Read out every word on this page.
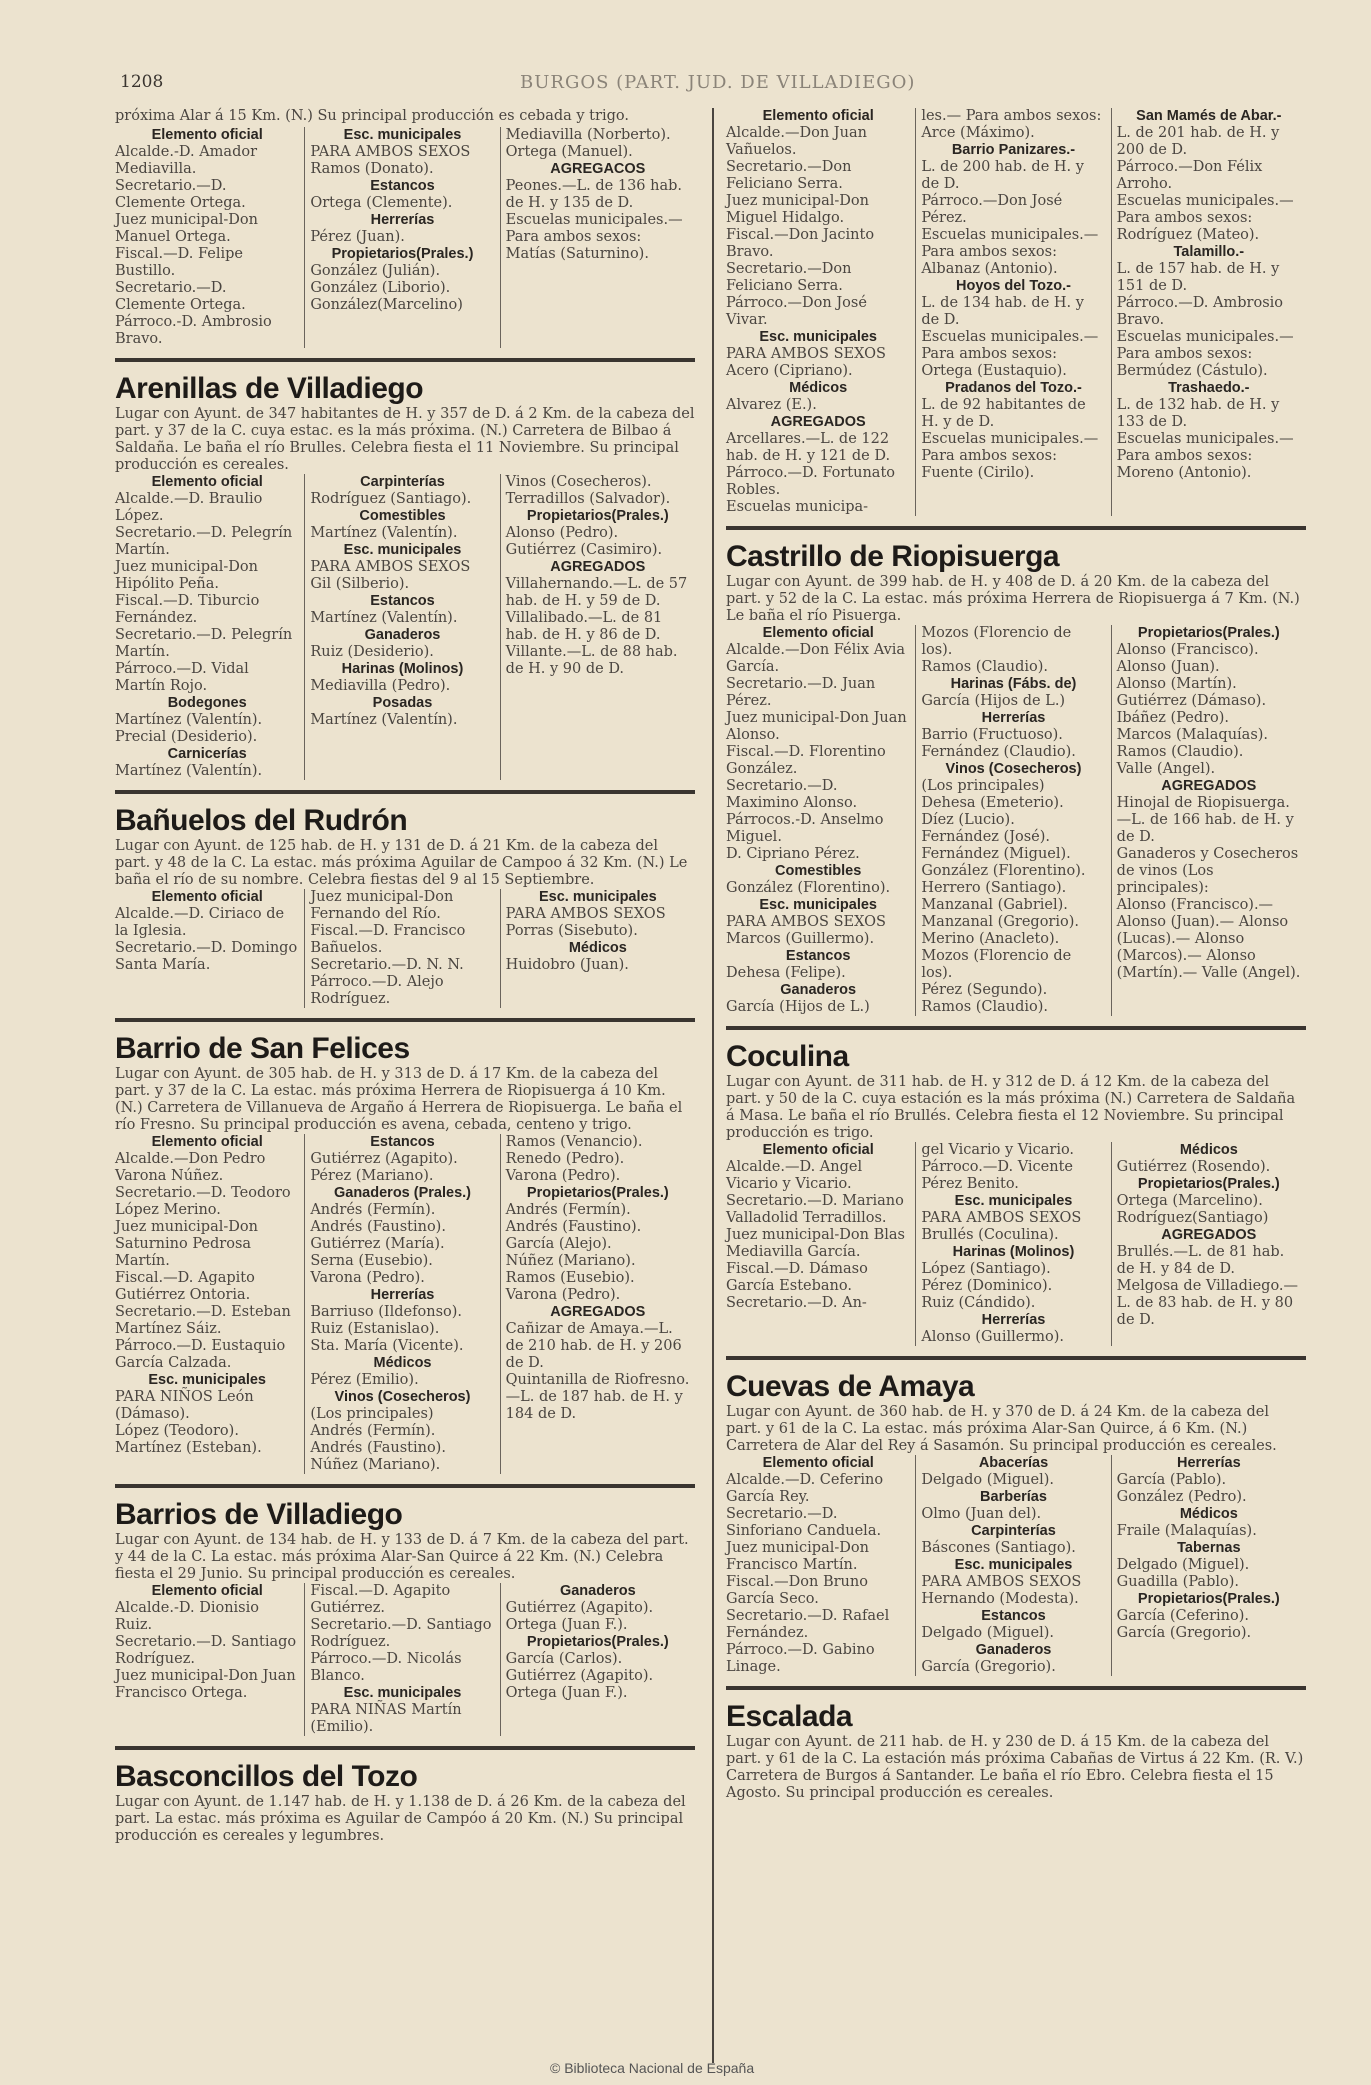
1208	BURGOS (PART. JUD. DE VILLADIEGO)
próxima Alar á 15 Km. (N.) Su principal producción es cebada y trigo.
Elemento oficial
Alcalde.-D. Amador Mediavilla.
Secretario.—D. Clemente Ortega.
Juez municipal-Don Manuel Ortega.
Fiscal.—D. Felipe Bustillo.
Secretario.—D. Clemente Ortega.
Párroco.-D. Ambrosio Bravo.
Esc. municipales
PARA AMBOS SEXOS Ramos (Donato).
Estancos
Ortega (Clemente).
Herrerías
Pérez (Juan).
Propietarios(Prales.)
González (Julián).
González (Liborio).
González(Marcelino)
Mediavilla (Norberto).
Ortega (Manuel).
AGREGACOS
Peones.—L. de 136 hab. de H. y 135 de D.
Escuelas municipales.— Para ambos sexos: Matías (Saturnino).
Arenillas de Villadiego
Lugar con Ayunt. de 347 habitantes de H. y 357 de D. á 2 Km. de la cabeza del part. y 37 de la C. cuya estac. es la más próxima. (N.) Carretera de Bilbao á Saldaña. Le baña el río Brulles. Celebra fiesta el 11 Noviembre. Su principal producción es cereales.
Elemento oficial
Alcalde.—D. Braulio López.
Secretario.—D. Pelegrín Martín.
Juez municipal-Don Hipólito Peña.
Fiscal.—D. Tiburcio Fernández.
Secretario.—D. Pelegrín Martín.
Párroco.—D. Vidal Martín Rojo.
Bodegones
Martínez (Valentín).
Precial (Desiderio).
Carnicerías
Martínez (Valentín).
Carpinterías
Rodríguez (Santiago).
Comestibles
Martínez (Valentín).
Esc. municipales
PARA AMBOS SEXOS Gil (Silberio).
Estancos
Martínez (Valentín).
Ganaderos
Ruiz (Desiderio).
Harinas (Molinos)
Mediavilla (Pedro).
Posadas
Martínez (Valentín).
Vinos (Cosecheros).
Terradillos (Salvador).
Propietarios(Prales.)
Alonso (Pedro).
Gutiérrez (Casimiro).
AGREGADOS
Villahernando.—L. de 57 hab. de H. y 59 de D.
Villalibado.—L. de 81 hab. de H. y 86 de D.
Villante.—L. de 88 hab. de H. y 90 de D.
Bañuelos del Rudrón
Lugar con Ayunt. de 125 hab. de H. y 131 de D. á 21 Km. de la cabeza del part. y 48 de la C. La estac. más próxima Aguilar de Campoo á 32 Km. (N.) Le baña el río de su nombre. Celebra fiestas del 9 al 15 Septiembre.
Elemento oficial
Alcalde.—D. Ciriaco de la Iglesia.
Secretario.—D. Domingo Santa María.
Juez municipal-Don Fernando del Río.
Fiscal.—D. Francisco Bañuelos.
Secretario.—D. N. N.
Párroco.—D. Alejo Rodríguez.
Esc. municipales
PARA AMBOS SEXOS Porras (Sisebuto).
Médicos
Huidobro (Juan).
Barrio de San Felices
Lugar con Ayunt. de 305 hab. de H. y 313 de D. á 17 Km. de la cabeza del part. y 37 de la C. La estac. más próxima Herrera de Riopisuerga á 10 Km. (N.) Carretera de Villanueva de Argaño á Herrera de Riopisuerga. Le baña el río Fresno. Su principal producción es avena, cebada, centeno y trigo.
Elemento oficial
Alcalde.—Don Pedro Varona Núñez.
Secretario.—D. Teodoro López Merino.
Juez municipal-Don Saturnino Pedrosa Martín.
Fiscal.—D. Agapito Gutiérrez Ontoria.
Secretario.—D. Esteban Martínez Sáiz.
Párroco.—D. Eustaquio García Calzada.
Esc. municipales
PARA NIÑOS León (Dámaso).
López (Teodoro).
Martínez (Esteban).
Estancos
Gutiérrez (Agapito).
Pérez (Mariano).
Ganaderos (Prales.)
Andrés (Fermín).
Andrés (Faustino).
Gutiérrez (María).
Serna (Eusebio).
Varona (Pedro).
Herrerías
Barriuso (Ildefonso).
Ruiz (Estanislao).
Sta. María (Vicente).
Médicos
Pérez (Emilio).
Vinos (Cosecheros)
(Los principales)
Andrés (Fermín).
Andrés (Faustino).
Núñez (Mariano).
Ramos (Venancio).
Renedo (Pedro).
Varona (Pedro).
Propietarios(Prales.)
Andrés (Fermín).
Andrés (Faustino).
García (Alejo).
Núñez (Mariano).
Ramos (Eusebio).
Varona (Pedro).
AGREGADOS
Cañizar de Amaya.—L. de 210 hab. de H. y 206 de D.
Quintanilla de Riofresno.—L. de 187 hab. de H. y 184 de D.
Barrios de Villadiego
Lugar con Ayunt. de 134 hab. de H. y 133 de D. á 7 Km. de la cabeza del part. y 44 de la C. La estac. más próxima Alar-San Quirce á 22 Km. (N.) Celebra fiesta el 29 Junio. Su principal producción es cereales.
Elemento oficial
Alcalde.-D. Dionisio Ruiz.
Secretario.—D. Santiago Rodríguez.
Juez municipal-Don Juan Francisco Ortega.
Fiscal.—D. Agapito Gutiérrez.
Secretario.—D. Santiago Rodríguez.
Párroco.—D. Nicolás Blanco.
Esc. municipales
PARA NIÑAS Martín (Emilio).
Ganaderos
Gutiérrez (Agapito).
Ortega (Juan F.).
Propietarios(Prales.)
García (Carlos).
Gutiérrez (Agapito).
Ortega (Juan F.).
Basconcillos del Tozo
Lugar con Ayunt. de 1.147 hab. de H. y 1.138 de D. á 26 Km. de la cabeza del part. La estac. más próxima es Aguilar de Campóo á 20 Km. (N.) Su principal producción es cereales y legumbres.
Elemento oficial
Alcalde.—Don Juan Vañuelos.
Secretario.—Don Feliciano Serra.
Juez municipal-Don Miguel Hidalgo.
Fiscal.—Don Jacinto Bravo.
Secretario.—Don Feliciano Serra.
Párroco.—Don José Vivar.
Esc. municipales
PARA AMBOS SEXOS Acero (Cipriano).
Médicos
Alvarez (E.).
AGREGADOS
Arcellares.—L. de 122 hab. de H. y 121 de D.
Párroco.—D. Fortunato Robles.
Escuelas municipa-
les.— Para ambos sexos: Arce (Máximo).
Barrio Panizares.-
L. de 200 hab. de H. y de D.
Párroco.—Don José Pérez.
Escuelas municipales.— Para ambos sexos: Albanaz (Antonio).
Hoyos del Tozo.-
L. de 134 hab. de H. y de D.
Escuelas municipales.— Para ambos sexos: Ortega (Eustaquio).
Pradanos del Tozo.-
L. de 92 habitantes de H. y de D.
Escuelas municipales.— Para ambos sexos: Fuente (Cirilo).
San Mamés de Abar.-
L. de 201 hab. de H. y 200 de D.
Párroco.—Don Félix Arroho.
Escuelas municipales.— Para ambos sexos: Rodríguez (Mateo).
Talamillo.-
L. de 157 hab. de H. y 151 de D.
Párroco.—D. Ambrosio Bravo.
Escuelas municipales.— Para ambos sexos: Bermúdez (Cástulo).
Trashaedo.-
L. de 132 hab. de H. y 133 de D.
Escuelas municipales.— Para ambos sexos: Moreno (Antonio).
Castrillo de Riopisuerga
Lugar con Ayunt. de 399 hab. de H. y 408 de D. á 20 Km. de la cabeza del part. y 52 de la C. La estac. más próxima Herrera de Riopisuerga á 7 Km. (N.) Le baña el río Pisuerga.
Elemento oficial
Alcalde.—Don Félix Avia García.
Secretario.—D. Juan Pérez.
Juez municipal-Don Juan Alonso.
Fiscal.—D. Florentino González.
Secretario.—D. Maximino Alonso.
Párrocos.-D. Anselmo Miguel.
D. Cipriano Pérez.
Comestibles
González (Florentino).
Esc. municipales
PARA AMBOS SEXOS Marcos (Guillermo).
Estancos
Dehesa (Felipe).
Ganaderos
García (Hijos de L.)
Mozos (Florencio de los).
Ramos (Claudio).
Harinas (Fábs. de)
García (Hijos de L.)
Herrerías
Barrio (Fructuoso).
Fernández (Claudio).
Vinos (Cosecheros)
(Los principales)
Dehesa (Emeterio).
Díez (Lucio).
Fernández (José).
Fernández (Miguel).
González (Florentino).
Herrero (Santiago).
Manzanal (Gabriel).
Manzanal (Gregorio).
Merino (Anacleto).
Mozos (Florencio de los).
Pérez (Segundo).
Ramos (Claudio).
Propietarios(Prales.)
Alonso (Francisco).
Alonso (Juan).
Alonso (Martín).
Gutiérrez (Dámaso).
Ibáñez (Pedro).
Marcos (Malaquías).
Ramos (Claudio).
Valle (Angel).
AGREGADOS
Hinojal de Riopisuerga.—L. de 166 hab. de H. y de D.
Ganaderos y Cosecheros de vinos (Los principales):
Alonso (Francisco).— Alonso (Juan).— Alonso (Lucas).— Alonso (Marcos).— Alonso (Martín).— Valle (Angel).
Coculina
Lugar con Ayunt. de 311 hab. de H. y 312 de D. á 12 Km. de la cabeza del part. y 50 de la C. cuya estación es la más próxima (N.) Carretera de Saldaña á Masa. Le baña el río Brullés. Celebra fiesta el 12 Noviembre. Su principal producción es trigo.
Elemento oficial
Alcalde.—D. Angel Vicario y Vicario.
Secretario.—D. Mariano Valladolid Terradillos.
Juez municipal-Don Blas Mediavilla García.
Fiscal.—D. Dámaso García Estebano.
Secretario.—D. An-
gel Vicario y Vicario.
Párroco.—D. Vicente Pérez Benito.
Esc. municipales
PARA AMBOS SEXOS Brullés (Coculina).
Harinas (Molinos)
López (Santiago).
Pérez (Dominico).
Ruiz (Cándido).
Herrerías
Alonso (Guillermo).
Médicos
Gutiérrez (Rosendo).
Propietarios(Prales.)
Ortega (Marcelino).
Rodríguez(Santiago)
AGREGADOS
Brullés.—L. de 81 hab. de H. y 84 de D.
Melgosa de Villadiego.—L. de 83 hab. de H. y 80 de D.
Cuevas de Amaya
Lugar con Ayunt. de 360 hab. de H. y 370 de D. á 24 Km. de la cabeza del part. y 61 de la C. La estac. más próxima Alar-San Quirce, á 6 Km. (N.) Carretera de Alar del Rey á Sasamón. Su principal producción es cereales.
Elemento oficial
Alcalde.—D. Ceferino García Rey.
Secretario.—D. Sinforiano Canduela.
Juez municipal-Don Francisco Martín.
Fiscal.—Don Bruno García Seco.
Secretario.—D. Rafael Fernández.
Párroco.—D. Gabino Linage.
Abacerías
Delgado (Miguel).
Barberías
Olmo (Juan del).
Carpinterías
Báscones (Santiago).
Esc. municipales
PARA AMBOS SEXOS Hernando (Modesta).
Estancos
Delgado (Miguel).
Ganaderos
García (Gregorio).
Herrerías
García (Pablo).
González (Pedro).
Médicos
Fraile (Malaquías).
Tabernas
Delgado (Miguel).
Guadilla (Pablo).
Propietarios(Prales.)
García (Ceferino).
García (Gregorio).
Escalada
Lugar con Ayunt. de 211 hab. de H. y 230 de D. á 15 Km. de la cabeza del part. y 61 de la C. La estación más próxima Cabañas de Virtus á 22 Km. (R. V.) Carretera de Burgos á Santander. Le baña el río Ebro. Celebra fiesta el 15 Agosto. Su principal producción es cereales.
© Biblioteca Nacional de España
